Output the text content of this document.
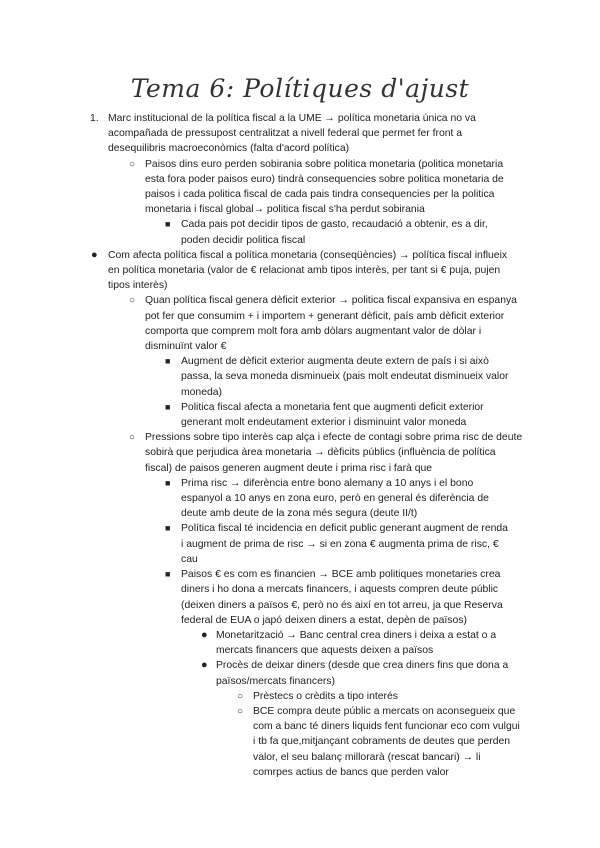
Tema 6: Polítiques d'ajust
1. Marc institucional de la política fiscal a la UME → política monetaria única no va acompañada de pressupost centralitzat a nivell federal que permet fer front a desequilibris macroeconòmics (falta d'acord política)
○ Paisos dins euro perden sobirania sobre politica monetaria (politica monetaria esta fora poder paisos euro) tindrà consequencies sobre politica monetaria de paisos i cada politica fiscal de cada pais tindra consequencies per la politica monetaria i fiscal global→ politica fiscal s'ha perdut sobirania
■ Cada pais pot decidir tipos de gasto, recaudació a obtenir, es a dir, poden decidir politica fiscal
● Com afecta política fiscal a política monetaria (conseqüències) → política fiscal influeix en política monetaria (valor de € relacionat amb tipos interès, per tant si € puja, pujen tipos interès)
○ Quan política fiscal genera dèficit exterior → politica fiscal expansiva en espanya pot fer que consumim + i importem + generant dèficit, país amb dèficit exterior comporta que comprem molt fora amb dòlars augmentant valor de dòlar i disminuïnt valor €
■ Augment de dèficit exterior augmenta deute extern de país i si això passa, la seva moneda disminueix (pais molt endeutat disminueix valor moneda)
■ Politica fiscal afecta a monetaria fent que augmenti deficit exterior generant molt endeutament exterior i disminuint valor moneda
○ Pressions sobre tipo interès cap alça i efecte de contagi sobre prima risc de deute sobirà que perjudica àrea monetaria → dèficits públics (influència de política fiscal) de paisos generen augment deute i prima risc i farà que
■ Prima risc → diferència entre bono alemany a 10 anys i el bono espanyol a 10 anys en zona euro, però en general és diferència de deute amb deute de la zona més segura (deute II/t)
■ Política fiscal té incidencia en deficit public generant augment de renda i augment de prima de risc → si en zona € augmenta prima de risc, € cau
■ Paisos € es com es financien → BCE amb politiques monetaries crea diners i ho dona a mercats financers, i aquests compren deute públic (deixen diners a països €, però no és així en tot arreu, ja que Reserva federal de EUA o japó deixen diners a estat, depèn de països)
● Monetarització → Banc central crea diners i deixa a estat o a mercats financers que aquests deixen a països
● Procès de deixar diners (desde que crea diners fins que dona a països/mercats financers)
○ Prèstecs o crèdits a tipo interés
○ BCE compra deute públic a mercats on aconsegueix que com a banc té diners liquids fent funcionar eco com vulgui i tb fa que,mitjançant cobraments de deutes que perden valor, el seu balanç millorarà (rescat bancari) → li comrpes actius de bancs que perden valor
